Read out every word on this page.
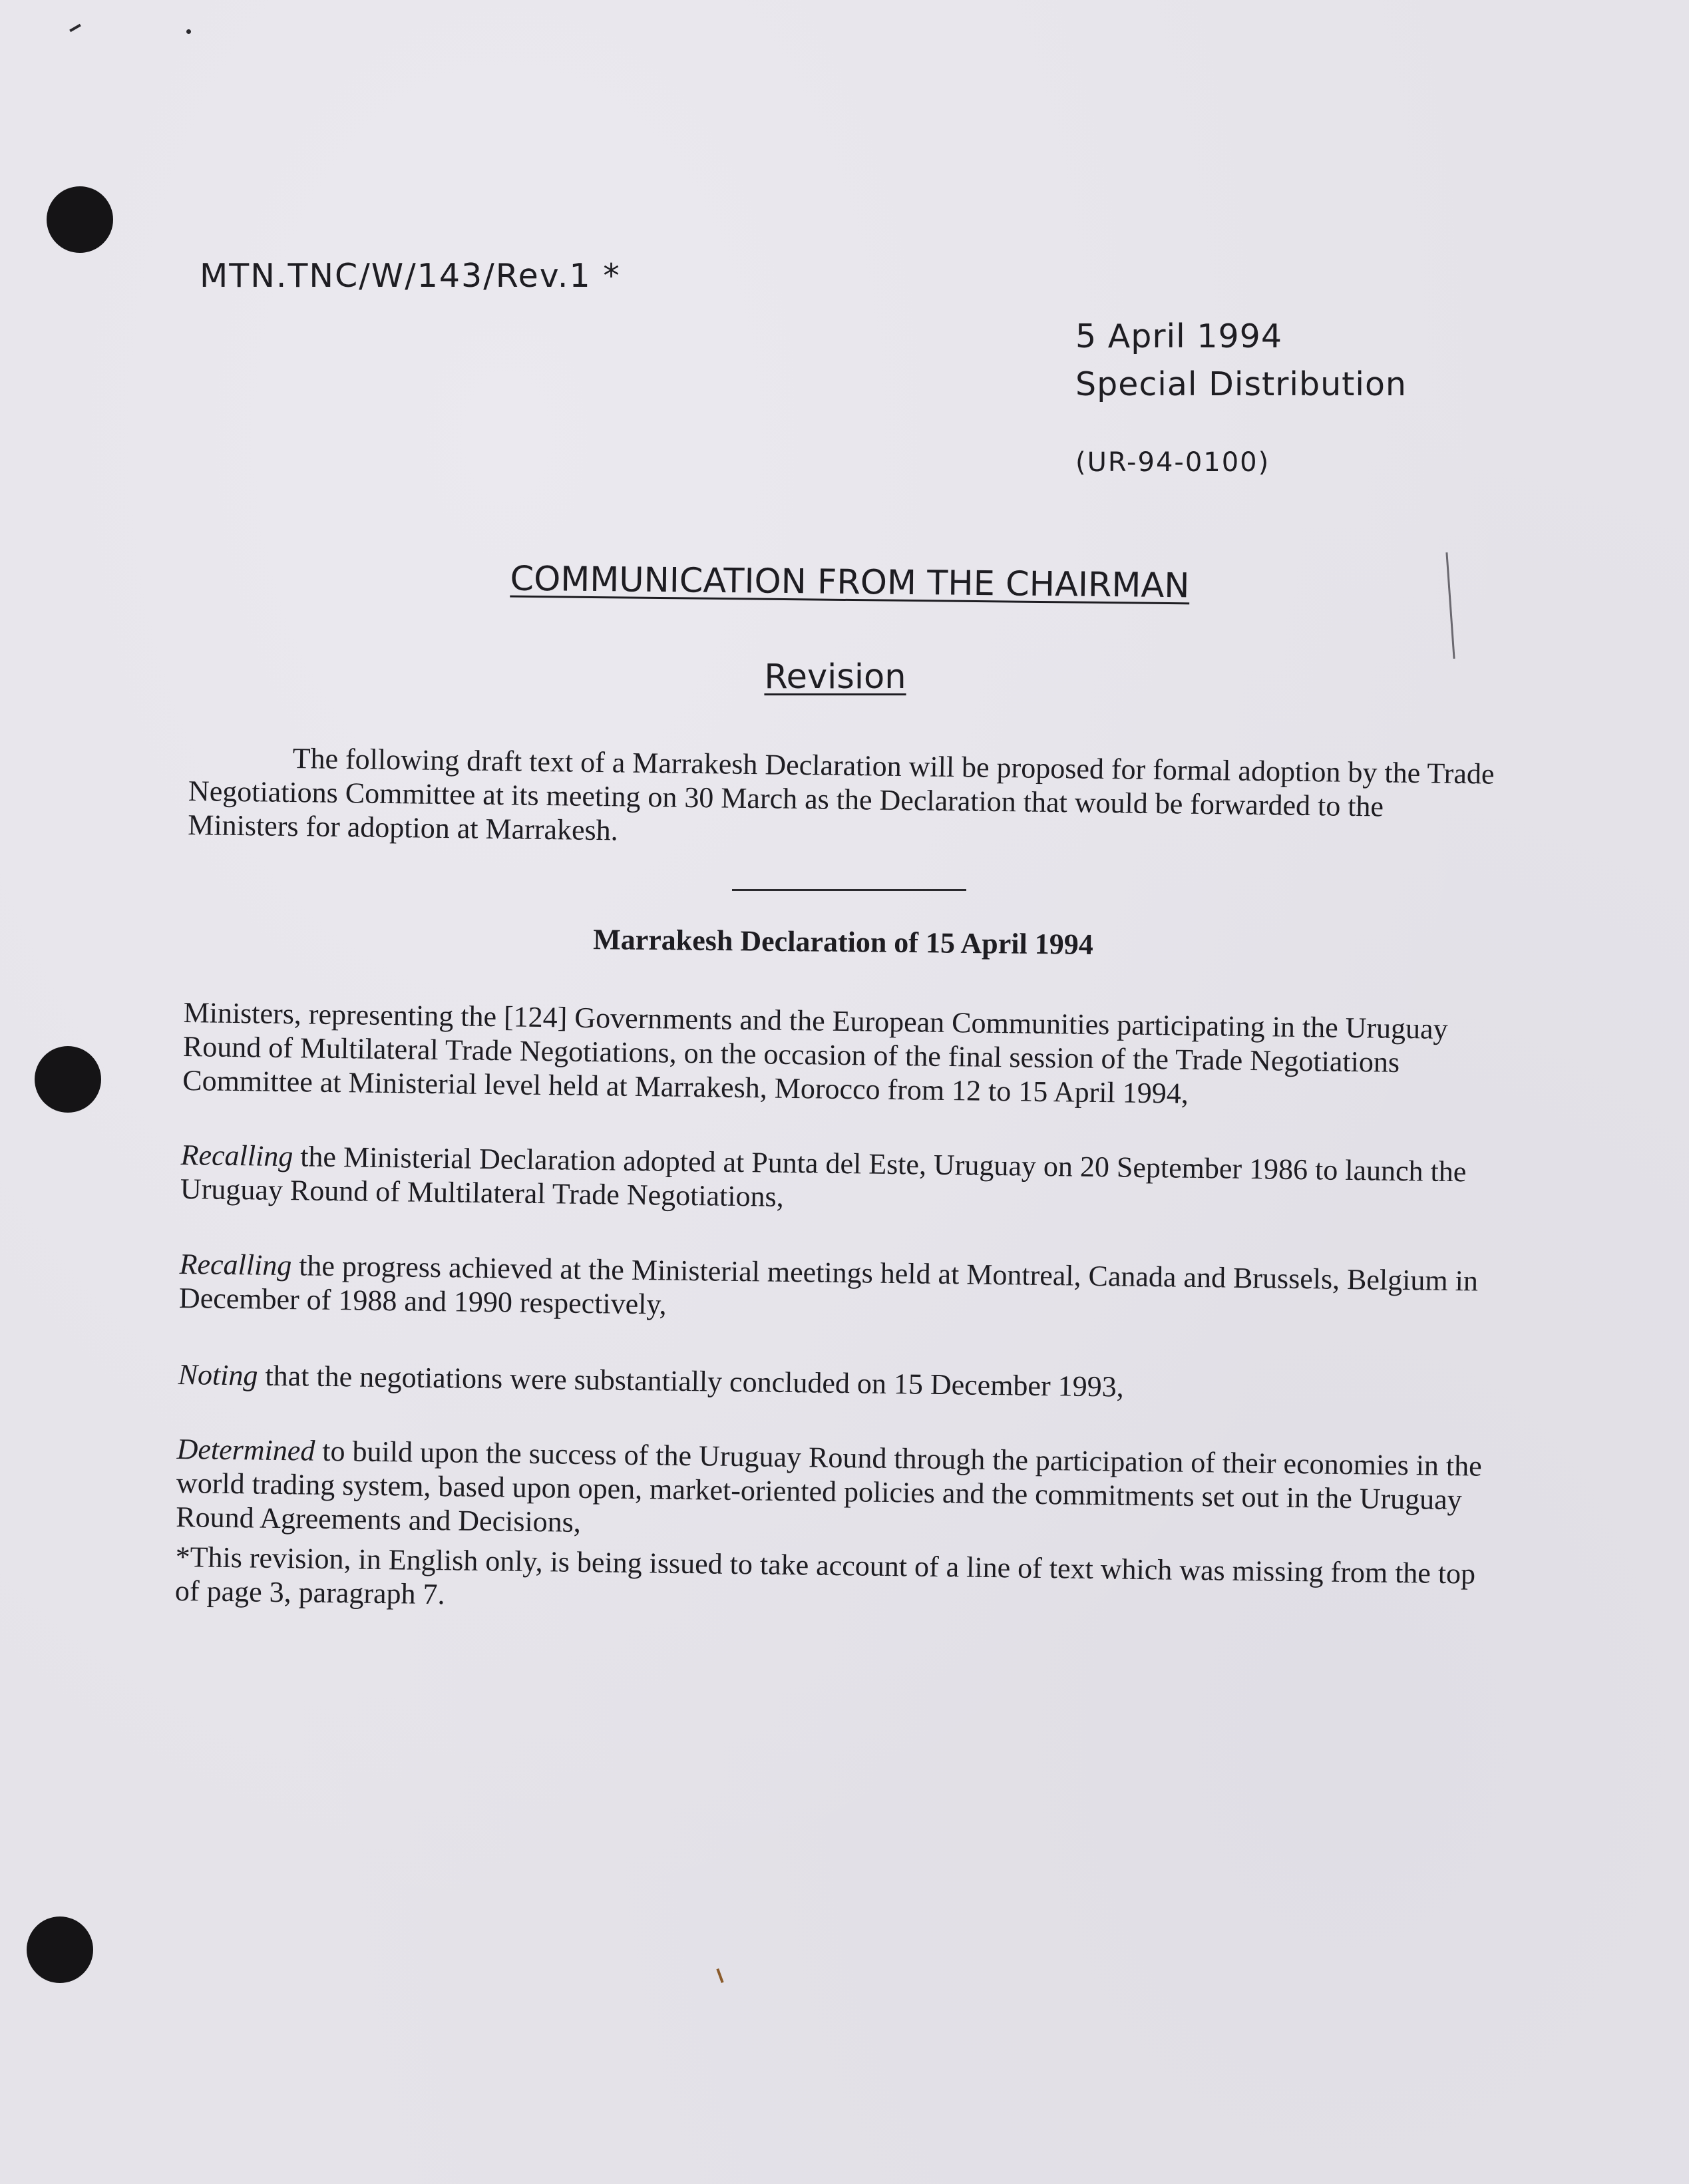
MTN.TNC/W/143/Rev.1 *
5 April 1994
Special Distribution
(UR-94-0100)
COMMUNICATION FROM THE CHAIRMAN
Revision
The following draft text of a Marrakesh Declaration will be proposed for formal adoption by the Trade Negotiations Committee at its meeting on 30 March as the Declaration that would be forwarded to the Ministers for adoption at Marrakesh.
Marrakesh Declaration of 15 April 1994

Ministers, representing the [124] Governments and the European Communities participating in the Uruguay Round of Multilateral Trade Negotiations, on the occasion of the final session of the Trade Negotiations Committee at Ministerial level held at Marrakesh, Morocco from 12 to 15 April 1994,

Recalling the Ministerial Declaration adopted at Punta del Este, Uruguay on 20 September 1986 to launch the Uruguay Round of Multilateral Trade Negotiations,

Recalling the progress achieved at the Ministerial meetings held at Montreal, Canada and Brussels, Belgium in December of 1988 and 1990 respectively,

Noting that the negotiations were substantially concluded on 15 December 1993,

Determined to build upon the success of the Uruguay Round through the participation of their economies in the world trading system, based upon open, market-oriented policies and the commitments set out in the Uruguay Round Agreements and Decisions,

*This revision, in English only, is being issued to take account of a line of text which was missing from the top of page 3, paragraph 7.
